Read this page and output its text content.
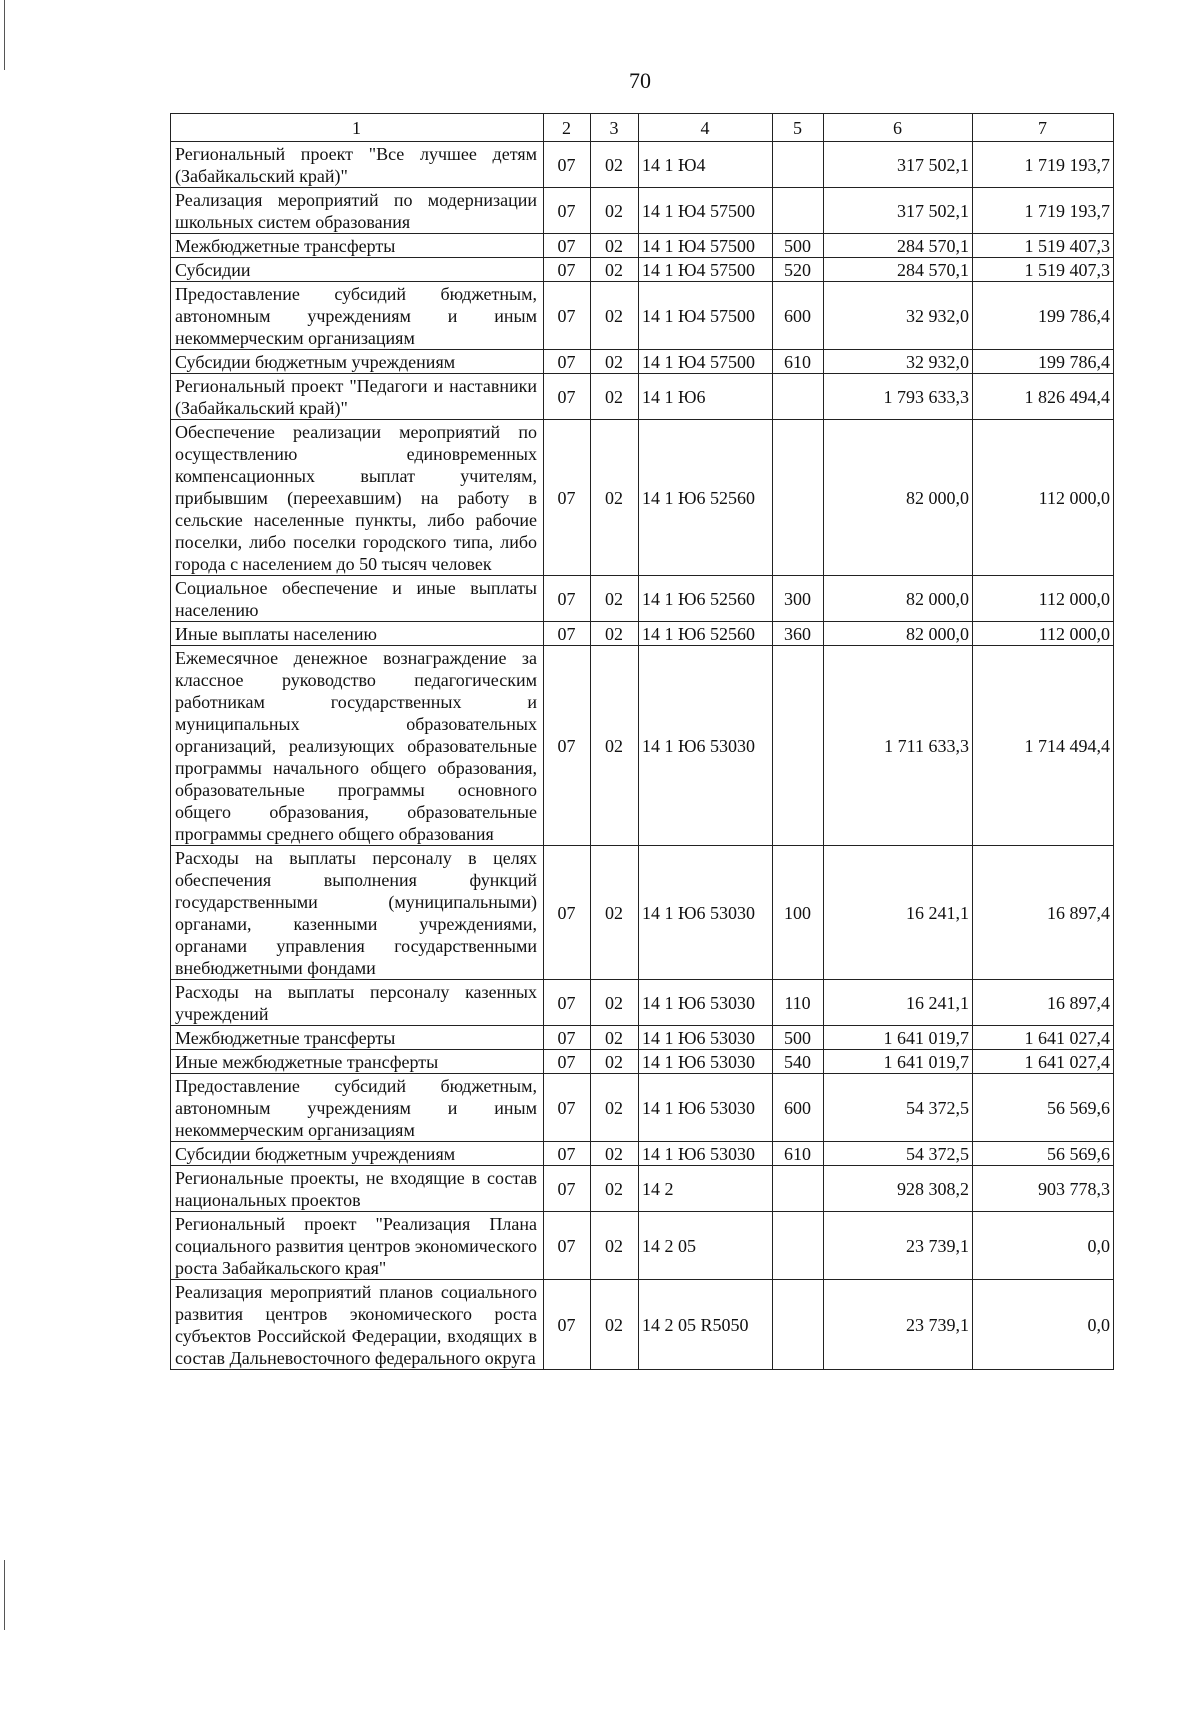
70
1	2	3	4	5	6	7
Региональный проект "Все лучшее детям (Забайкальский край)"	07	02	14 1 Ю4		317 502,1	1 719 193,7
Реализация мероприятий по модернизации школьных систем образования	07	02	14 1 Ю4 57500		317 502,1	1 719 193,7
Межбюджетные трансферты	07	02	14 1 Ю4 57500	500	284 570,1	1 519 407,3
Субсидии	07	02	14 1 Ю4 57500	520	284 570,1	1 519 407,3
Предоставление субсидий бюджетным, автономным учреждениям и иным некоммерческим организациям	07	02	14 1 Ю4 57500	600	32 932,0	199 786,4
Субсидии бюджетным учреждениям	07	02	14 1 Ю4 57500	610	32 932,0	199 786,4
Региональный проект "Педагоги и наставники (Забайкальский край)"	07	02	14 1 Ю6		1 793 633,3	1 826 494,4
Обеспечение реализации мероприятий по осуществлению единовременных компенсационных выплат учителям, прибывшим (переехавшим) на работу в сельские населенные пункты, либо рабочие поселки, либо поселки городского типа, либо города с населением до 50 тысяч человек	07	02	14 1 Ю6 52560		82 000,0	112 000,0
Социальное обеспечение и иные выплаты населению	07	02	14 1 Ю6 52560	300	82 000,0	112 000,0
Иные выплаты населению	07	02	14 1 Ю6 52560	360	82 000,0	112 000,0
Ежемесячное денежное вознаграждение за классное руководство педагогическим работникам государственных и муниципальных образовательных организаций, реализующих образовательные программы начального общего образования, образовательные программы основного общего образования, образовательные программы среднего общего образования	07	02	14 1 Ю6 53030		1 711 633,3	1 714 494,4
Расходы на выплаты персоналу в целях обеспечения выполнения функций государственными (муниципальными) органами, казенными учреждениями, органами управления государственными внебюджетными фондами	07	02	14 1 Ю6 53030	100	16 241,1	16 897,4
Расходы на выплаты персоналу казенных учреждений	07	02	14 1 Ю6 53030	110	16 241,1	16 897,4
Межбюджетные трансферты	07	02	14 1 Ю6 53030	500	1 641 019,7	1 641 027,4
Иные межбюджетные трансферты	07	02	14 1 Ю6 53030	540	1 641 019,7	1 641 027,4
Предоставление субсидий бюджетным, автономным учреждениям и иным некоммерческим организациям	07	02	14 1 Ю6 53030	600	54 372,5	56 569,6
Субсидии бюджетным учреждениям	07	02	14 1 Ю6 53030	610	54 372,5	56 569,6
Региональные проекты, не входящие в состав национальных проектов	07	02	14 2		928 308,2	903 778,3
Региональный проект "Реализация Плана социального развития центров экономического роста Забайкальского края"	07	02	14 2 05		23 739,1	0,0
Реализация мероприятий планов социального развития центров экономического роста субъектов Российской Федерации, входящих в состав Дальневосточного федерального округа	07	02	14 2 05 R5050		23 739,1	0,0
